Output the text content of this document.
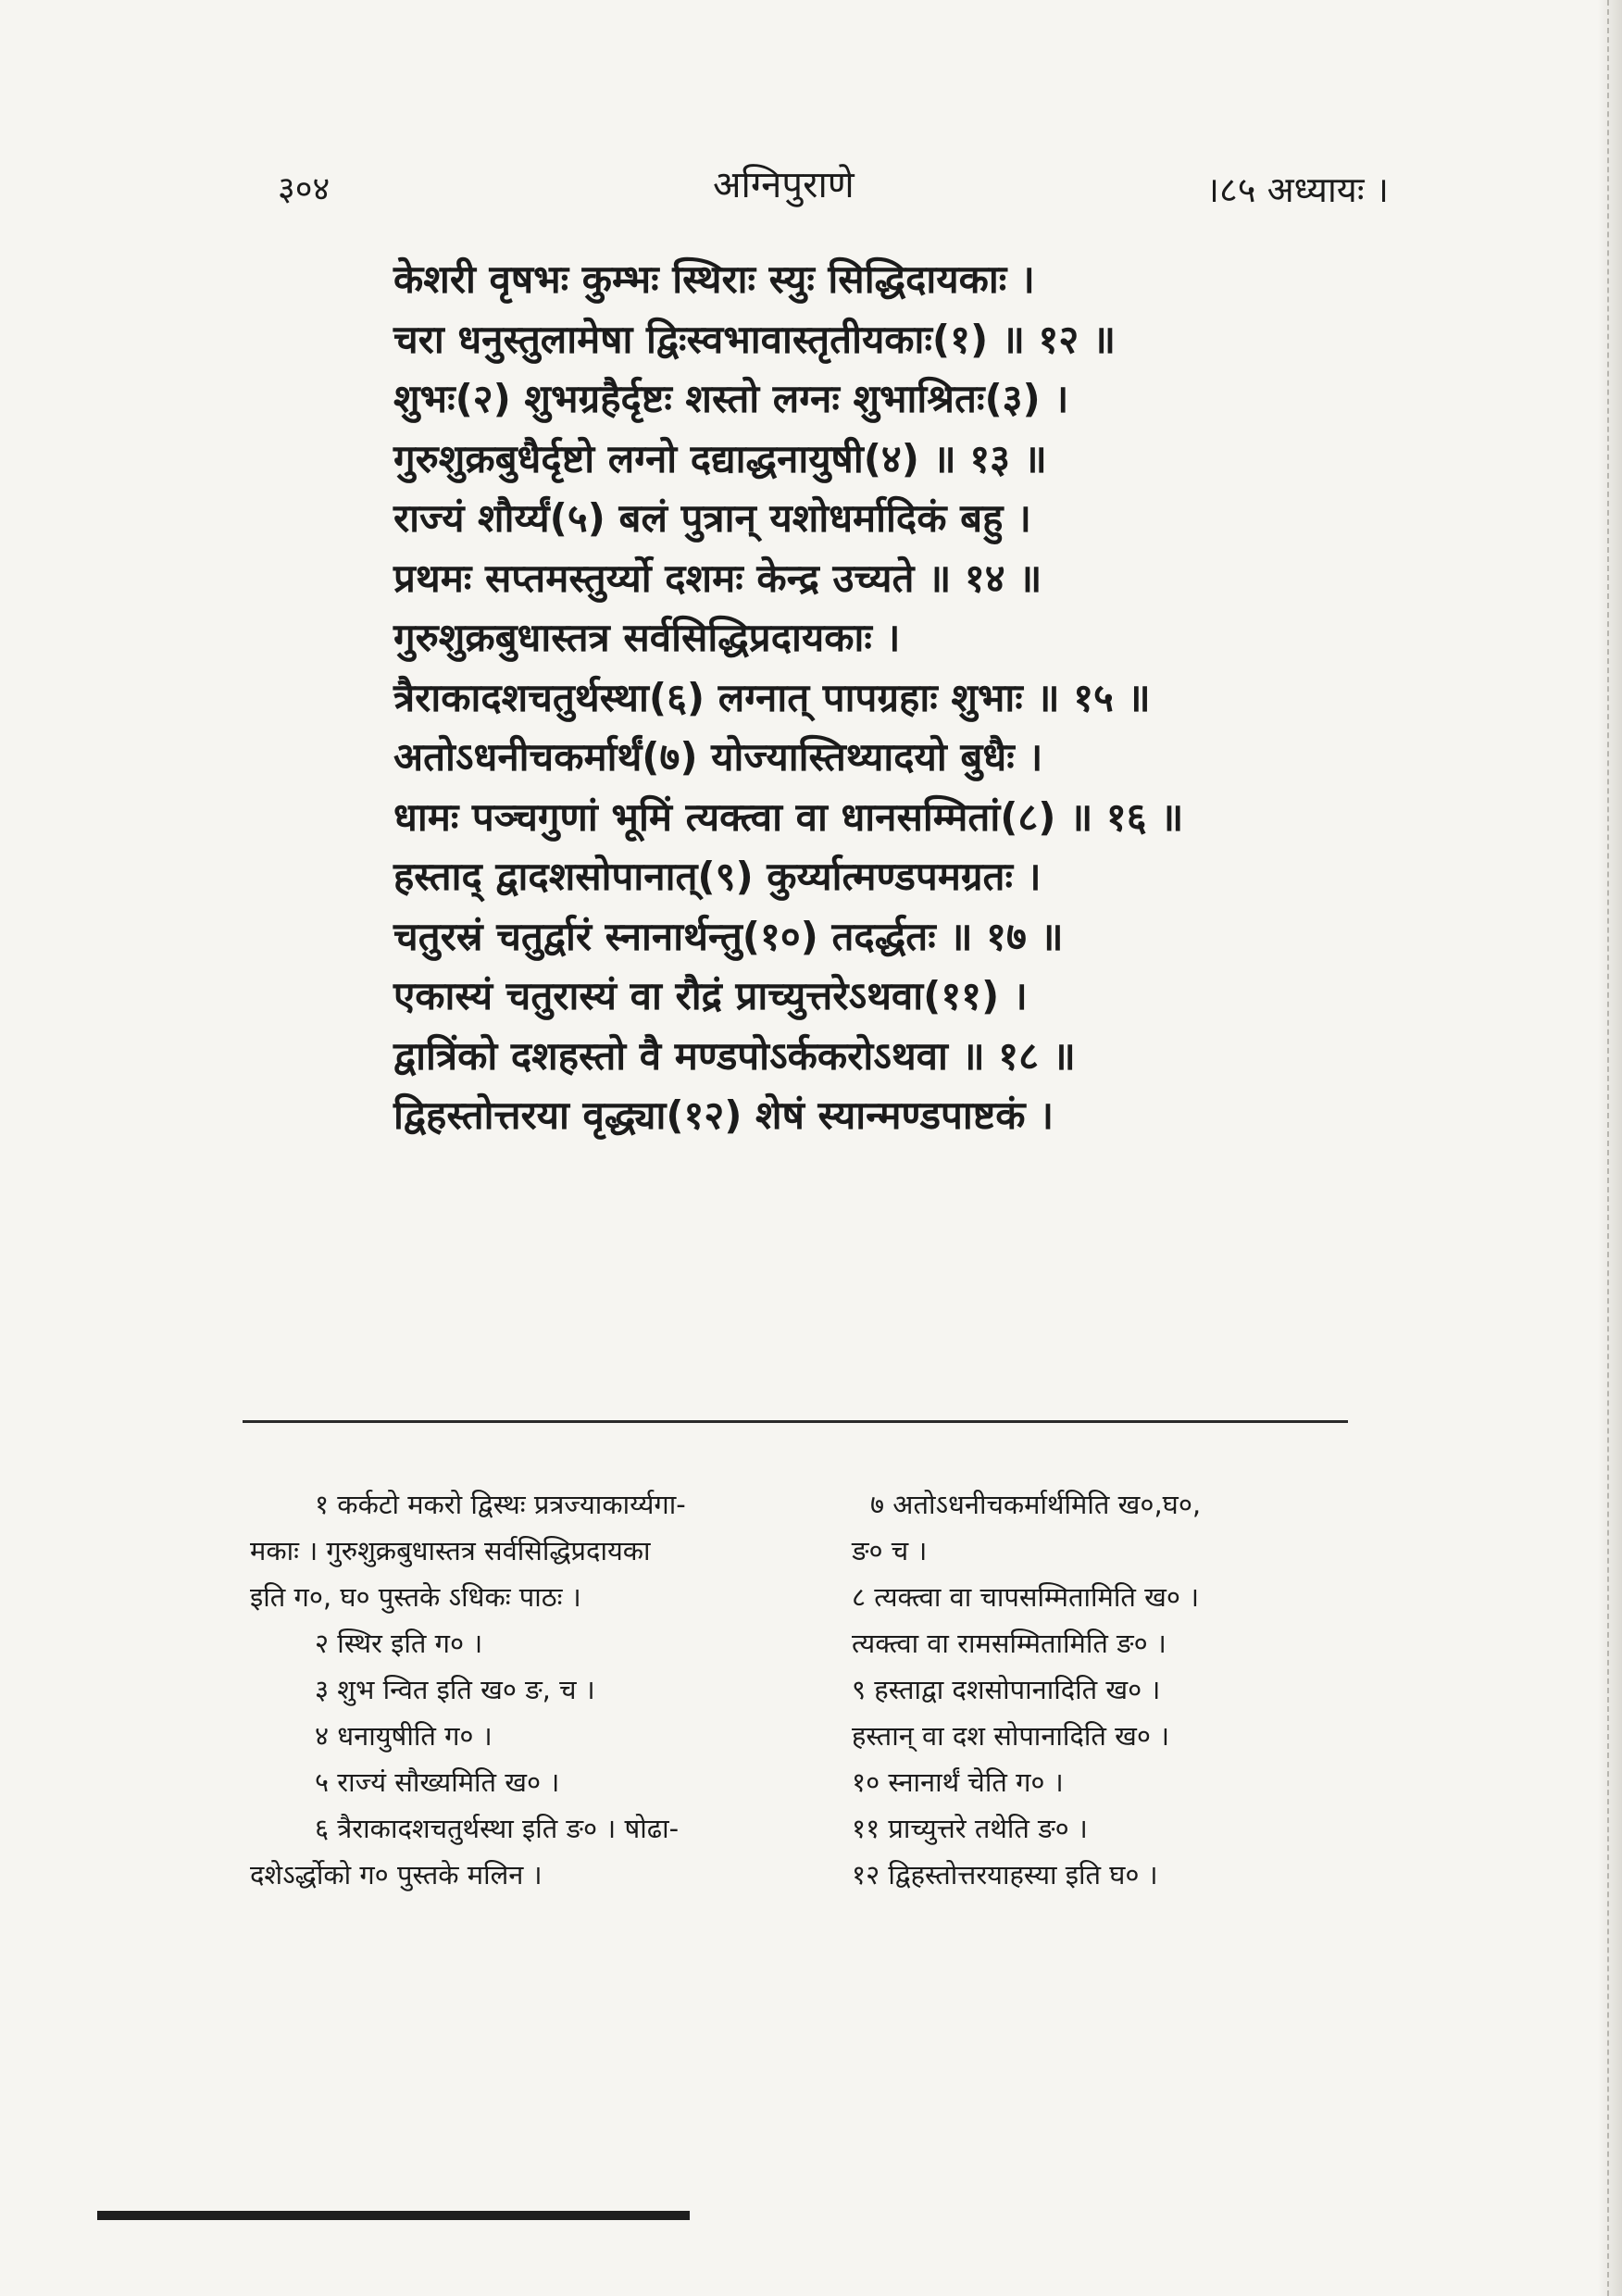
३०४	अग्निपुराणे	।८५ अध्यायः ।
केशरी वृषभः कुम्भः स्थिराः स्युः सिद्धिदायकाः ।
चरा धनुस्तुलामेषा द्विःस्वभावास्तृतीयकाः(१) ॥ १२ ॥
शुभः(२) शुभग्रहैर्दृष्टः शस्तो लग्नः शुभाश्रितः(३) ।
गुरुशुक्रबुधैर्दृष्टो लग्नो दद्याद्धनायुषी(४) ॥ १३ ॥
राज्यं शौर्य्यं(५) बलं पुत्रान् यशोधर्मादिकं बहु ।
प्रथमः सप्तमस्तुर्य्यो दशमः केन्द्र उच्यते ॥ १४ ॥
गुरुशुक्रबुधास्तत्र सर्वसिद्धिप्रदायकाः ।
त्रैराकादशचतुर्थस्था(६) लग्नात् पापग्रहाः शुभाः ॥ १५ ॥
अतोऽधनीचकर्मार्थं(७) योज्यास्तिथ्यादयो बुधैः ।
धामः पञ्चगुणां भूमिं त्यक्त्वा वा धानसम्मितां(८) ॥ १६ ॥
हस्ताद् द्वादशसोपानात्(९) कुर्य्यात्मण्डपमग्रतः ।
चतुरस्रं चतुर्द्वारं स्नानार्थन्तु(१०) तदर्द्धतः ॥ १७ ॥
एकास्यं चतुरास्यं वा रौद्रं प्राच्युत्तरेऽथवा(११) ।
द्वात्रिंको दशहस्तो वै मण्डपोऽर्ककरोऽथवा ॥ १८ ॥
द्विहस्तोत्तरया वृद्ध्या(१२) शेषं स्यान्मण्डपाष्टकं ।
१ कर्कटो मकरो द्विस्थः प्रत्रज्याकार्य्यगा-
मकाः । गुरुशुक्रबुधास्तत्र सर्वसिद्धिप्रदायका
इति ग०, घ० पुस्तके ऽधिकः पाठः ।
२ स्थिर इति ग० ।
३ शुभ न्वित इति ख० ङ, च ।
४ धनायुषीति ग० ।
५ राज्यं सौख्यमिति ख० ।
६ त्रैराकादशचतुर्थस्था इति ङ० । षोढा-
दशेऽर्द्धोको ग० पुस्तके मलिन ।
७ अतोऽधनीचकर्मार्थमिति ख०,घ०,
ङ० च ।
८ त्यक्त्वा वा चापसम्मितामिति ख० ।
त्यक्त्वा वा रामसम्मितामिति ङ० ।
९ हस्ताद्वा दशसोपानादिति ख० ।
हस्तान् वा दश सोपानादिति ख० ।
१० स्नानार्थं चेति ग० ।
११ प्राच्युत्तरे तथेति ङ० ।
१२ द्विहस्तोत्तरयाहस्या इति घ० ।
